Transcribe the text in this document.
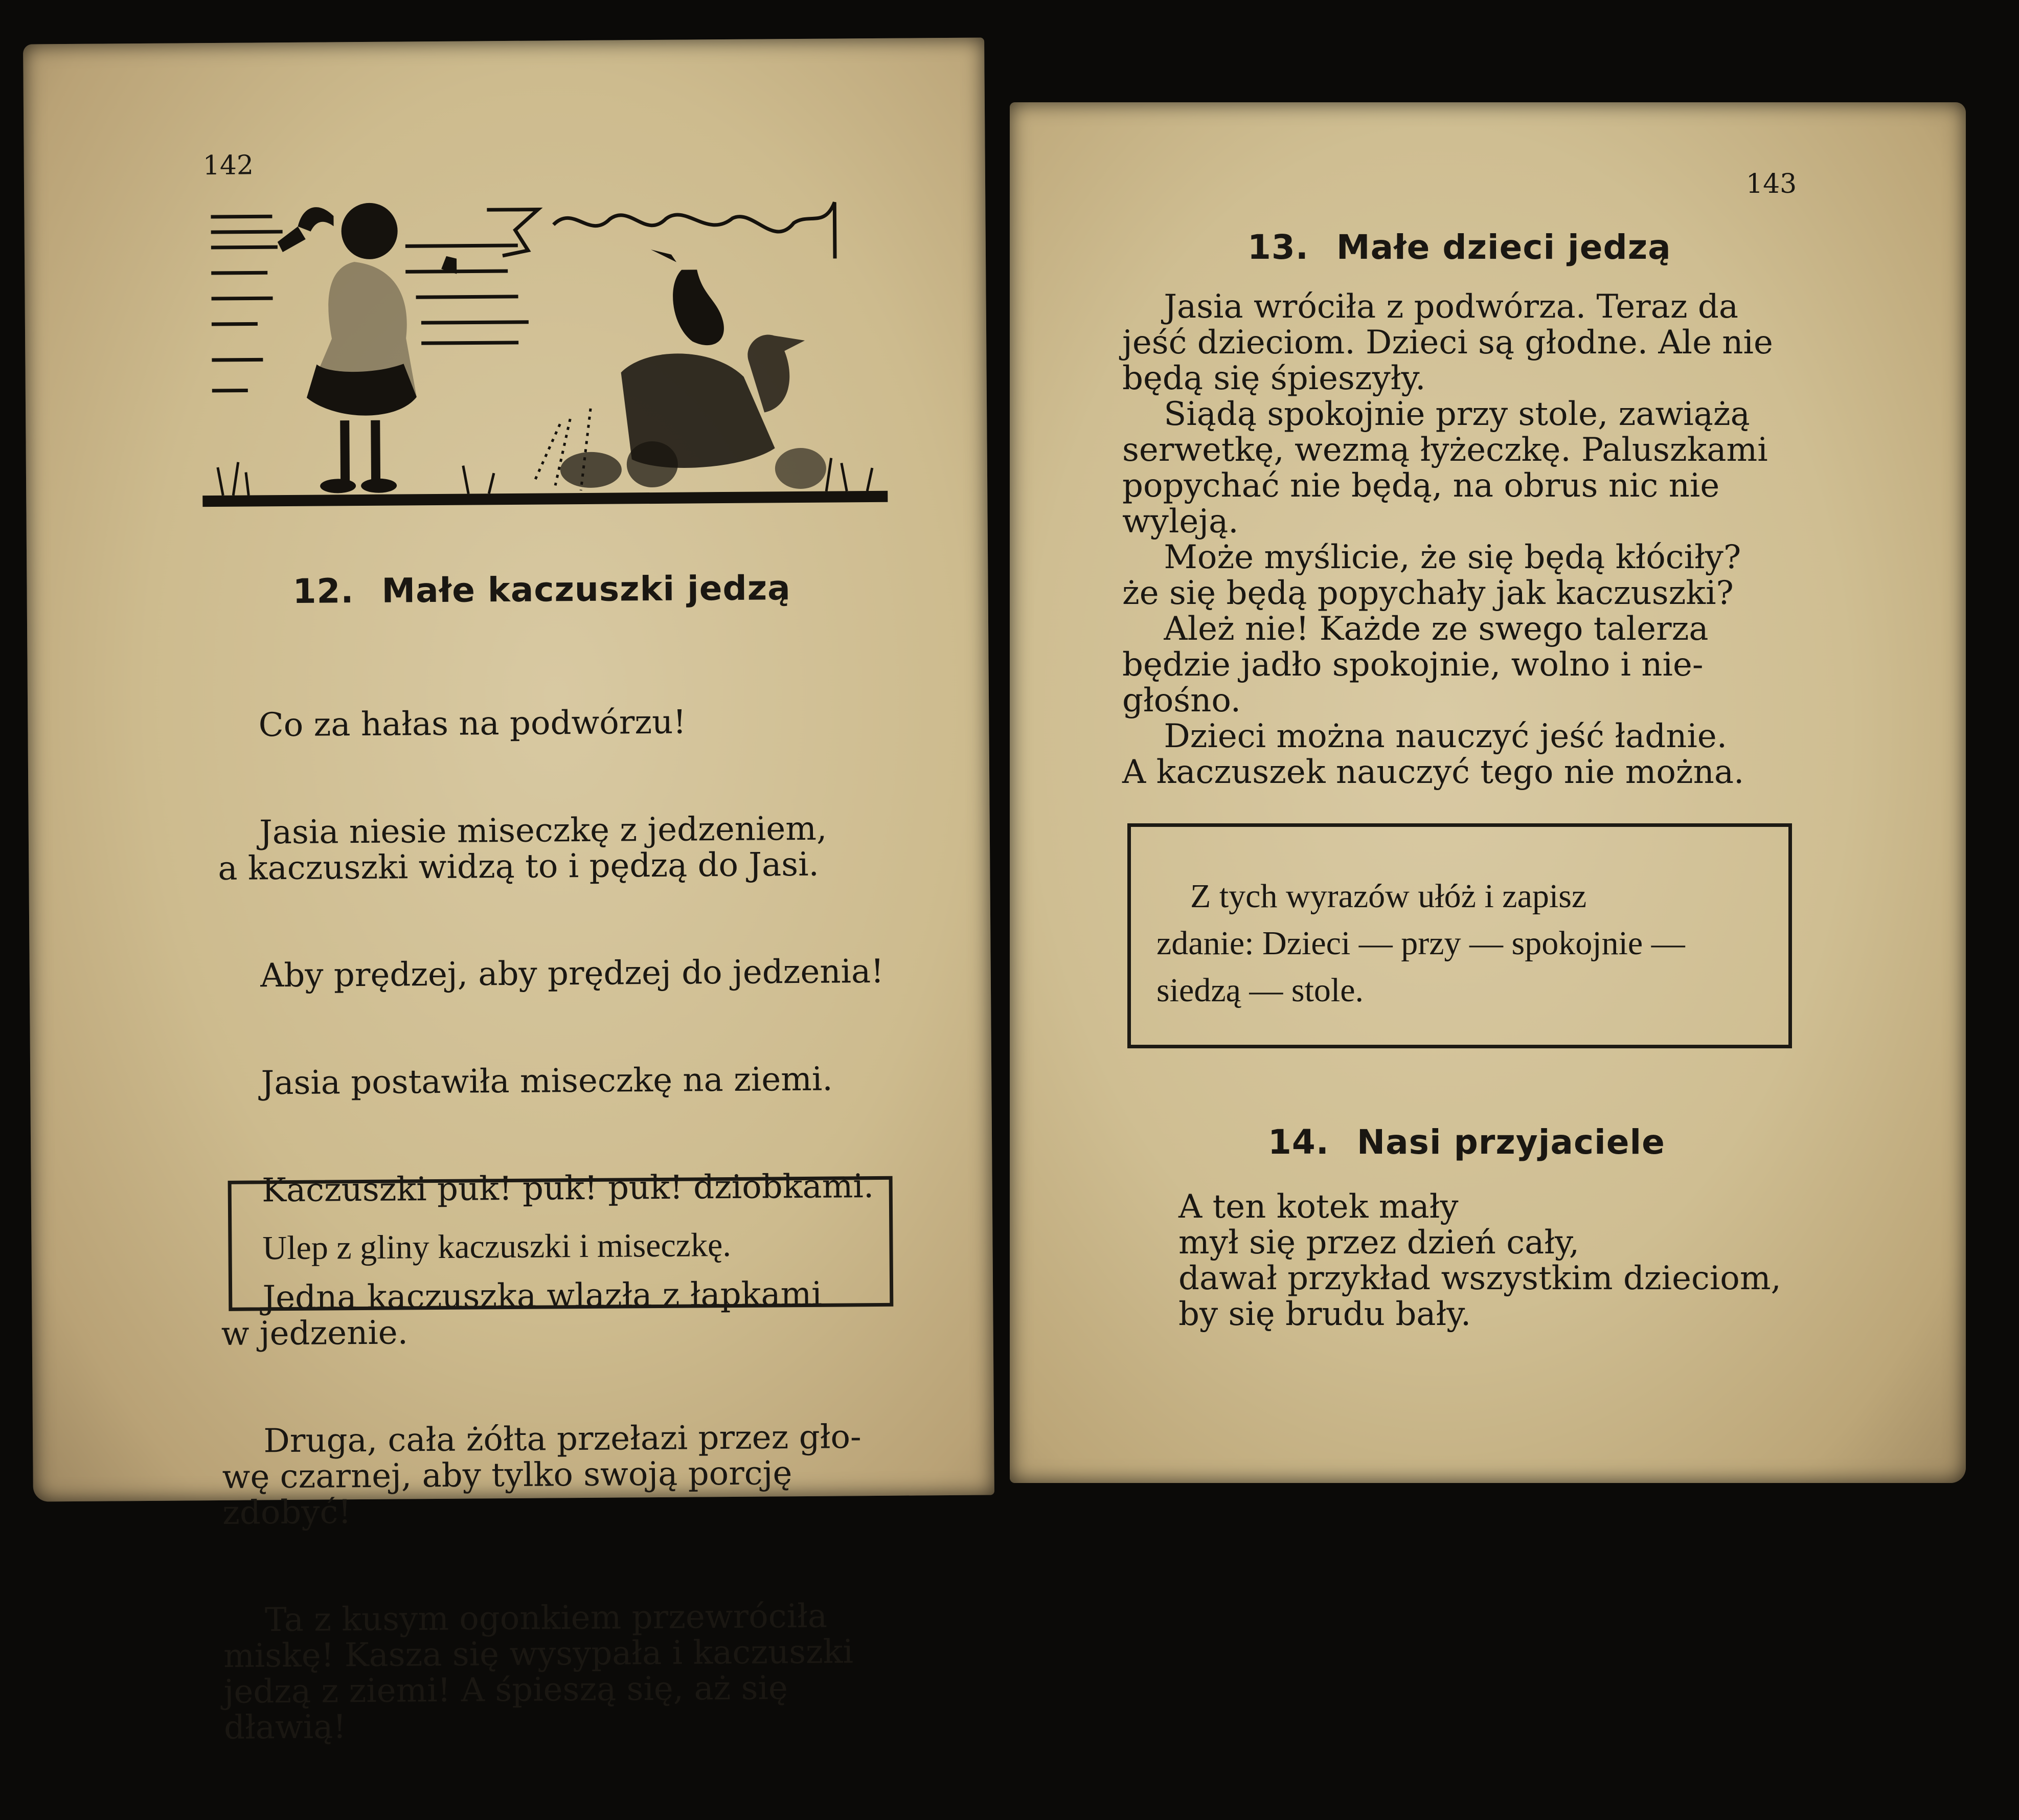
142
12. Małe kaczuszki jedzą

Co za hałas na podwórzu!

Jasia niesie miseczkę z jedzeniem,
a kaczuszki widzą to i pędzą do Jasi.

Aby prędzej, aby prędzej do jedzenia!

Jasia postawiła miseczkę na ziemi.

Kaczuszki puk! puk! puk! dziobkami.

Jedna kaczuszka wlazła z łapkami
w jedzenie.

Druga, cała żółta przełazi przez gło-
wę czarnej, aby tylko swoją porcję
zdobyć!

Ta z kusym ogonkiem przewróciła
miskę! Kasza się wysypała i kaczuszki
jedzą z ziemi! A śpieszą się, aż się
dławią!

Ulep z gliny kaczuszki i miseczkę.
143
13. Małe dzieci jedzą
Jasia wróciła z podwórza. Teraz da
jeść dzieciom. Dzieci są głodne. Ale nie
będą się śpieszyły.
Siądą spokojnie przy stole, zawiążą
serwetkę, wezmą łyżeczkę. Paluszkami
popychać nie będą, na obrus nic nie
wyleją.
Może myślicie, że się będą kłóciły?
że się będą popychały jak kaczuszki?
Ależ nie! Każde ze swego talerza
będzie jadło spokojnie, wolno i nie-
głośno.
Dzieci można nauczyć jeść ładnie.
A kaczuszek nauczyć tego nie można.
Z tych wyrazów ułóż i zapisz
zdanie: Dzieci — przy — spokojnie —
siedzą — stole.
14. Nasi przyjaciele
A ten kotek mały
mył się przez dzień cały,
dawał przykład wszystkim dzieciom,
by się brudu bały.
